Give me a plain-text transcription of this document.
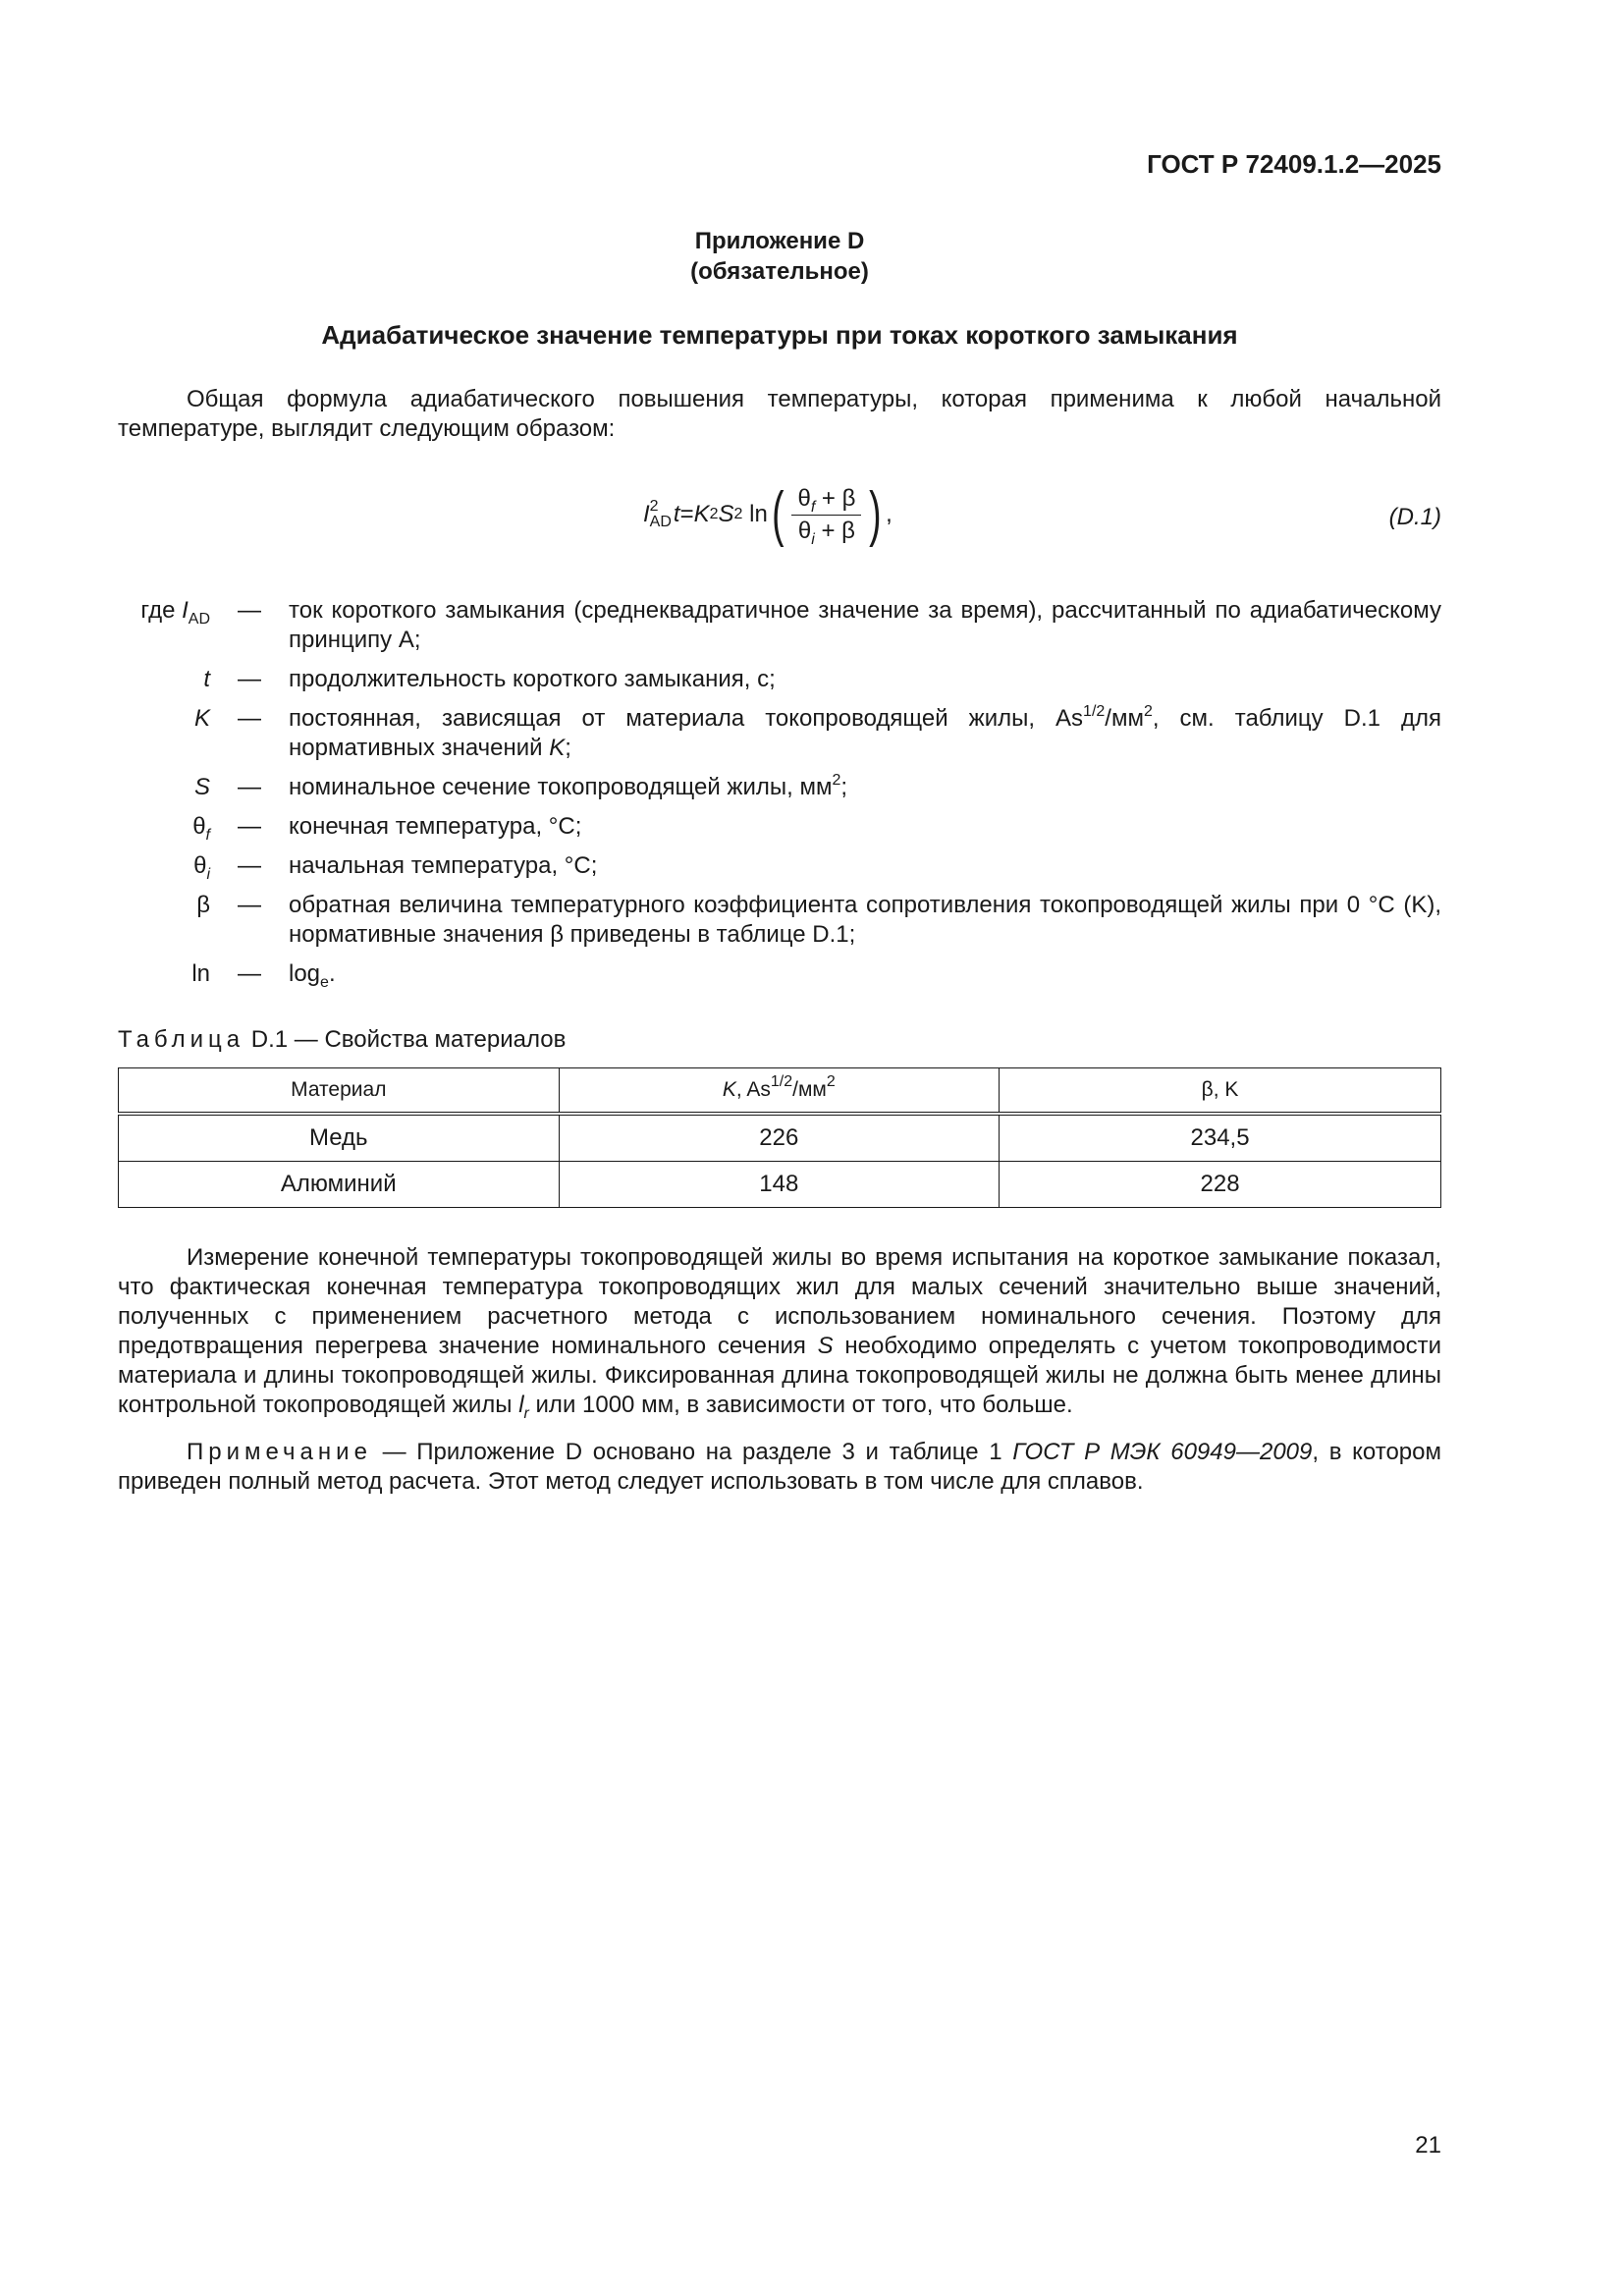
ГОСТ Р 72409.1.2—2025
Приложение D
(обязательное)
Адиабатическое значение температуры при токах короткого замыкания
Общая формула адиабатического повышения температуры, которая применима к любой начальной температуре, выглядит следующим образом:
I 2
AD t = K 2 S 2
ln ( $\frac{\theta_f + \beta}{\theta_i + \beta}$ ) ,	(D.1)
где $I_{AD}$	—	ток короткого замыкания (среднеквадратичное значение за время), рассчитанный по адиабатическому принципу А;
t	—	продолжительность короткого замыкания, с;
K	—	постоянная, зависящая от материала токопроводящей жилы, $As^{1/2}/мм^2$, см. таблицу D.1 для нормативных значений K;
S	—	номинальное сечение токопроводящей жилы, $мм^2$;
$\theta_f$	—	конечная температура, °С;
$\theta_i$	—	начальная температура, °С;
β	—	обратная величина температурного коэффициента сопротивления токопроводящей жилы при 0 °С (K), нормативные значения β приведены в таблице D.1;
ln	—	$\log_e$.
Таблица D.1 — Свойства материалов
Материал	K, $As^{1/2}/мм^2$	β, K
Медь	226	234,5
Алюминий	148	228
Измерение конечной температуры токопроводящей жилы во время испытания на короткое замыкание показал, что фактическая конечная температура токопроводящих жил для малых сечений значительно выше значений, полученных с применением расчетного метода с использованием номинального сечения. Поэтому для предотвращения перегрева значение номинального сечения S необходимо определять с учетом токопроводимости материала и длины токопроводящей жилы. Фиксированная длина токопроводящей жилы не должна быть менее длины контрольной токопроводящей жилы $l_r$ или 1000 мм, в зависимости от того, что больше.
Примечание — Приложение D основано на разделе 3 и таблице 1 ГОСТ Р МЭК 60949—2009, в котором приведен полный метод расчета. Этот метод следует использовать в том числе для сплавов.
21
